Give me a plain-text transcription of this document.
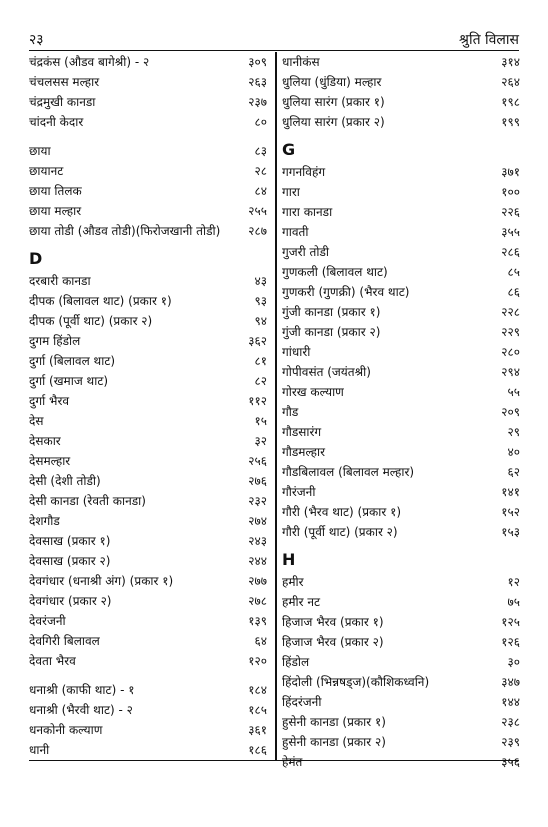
२३	श्रुति विलास
चंद्रकंस (औडव बागेश्री) - २	३०९
चंचलसस मल्हार	२६३
चंद्रमुखी कानडा	२३७
चांदनी केदार	८०
छाया	८३
छायानट	२८
छाया तिलक	८४
छाया मल्हार	२५५
छाया तोडी (औडव तोडी)(फिरोजखानी तोडी) २८७
D
दरबारी कानडा	४३
दीपक (बिलावल थाट) (प्रकार १)	९३
दीपक (पूर्वी थाट) (प्रकार २)	९४
दुगम हिंडोल	३६२
दुर्गा (बिलावल थाट)	८१
दुर्गा (खमाज थाट)	८२
दुर्गा भैरव	११२
देस	१५
देसकार	३२
देसमल्हार	२५६
देसी (देशी तोडी)	२७६
देसी कानडा (रेवती कानडा)	२३२
देशगौड	२७४
देवसाख (प्रकार १)	२४३
देवसाख (प्रकार २)	२४४
देवगंधार (धनाश्री अंग) (प्रकार १)	२७७
देवगंधार (प्रकार २)	२७८
देवरंजनी	१३९
देवगिरी बिलावल	६४
देवता भैरव	१२०
धनाश्री (काफी थाट) - १	१८४
धनाश्री (भैरवी थाट) - २	१८५
धनकोनी कल्याण	३६१
धानी	१८६
धानीकंस	३१४
धुलिया (धुंडिया) मल्हार	२६४
धुलिया सारंग (प्रकार १)	१९८
धुलिया सारंग (प्रकार २)	१९९
G
गगनविहंग	३७१
गारा	१००
गारा कानडा	२२६
गावती	३५५
गुजरी तोडी	२८६
गुणकली (बिलावल थाट)	८५
गुणकरी (गुणक्री) (भैरव थाट)	८६
गुंजी कानडा (प्रकार १)	२२८
गुंजी कानडा (प्रकार २)	२२९
गांधारी	२८०
गोपीवसंत (जयंतश्री)	२९४
गोरख कल्याण	५५
गौड	२०९
गौडसारंग	२९
गौडमल्हार	४०
गौडबिलावल (बिलावल मल्हार)	६२
गौरंजनी	१४१
गौरी (भैरव थाट) (प्रकार १)	१५२
गौरी (पूर्वी थाट) (प्रकार २)	१५३
H
हमीर	१२
हमीर नट	७५
हिजाज भैरव (प्रकार १)	१२५
हिजाज भैरव (प्रकार २)	१२६
हिंडोल	३०
हिंदोली (भिन्नषड्ज)(कौशिकध्वनि)	३४७
हिंदरंजनी	१४४
हुसेनी कानडा (प्रकार १)	२३८
हुसेनी कानडा (प्रकार २)	२३९
हेमंत	३५६
